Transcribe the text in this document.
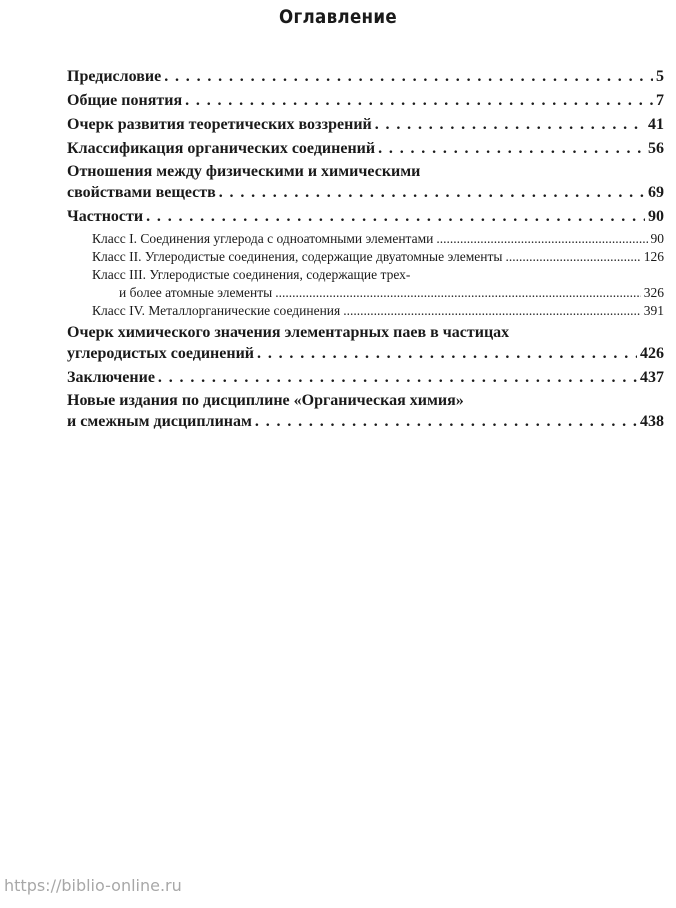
Оглавление
Предисловие . . .	5
Общие понятия . . .	7
Очерк развития теоретических воззрений . . .	41
Классификация органических соединений . . .	56
Отношения между физическими и химическими
свойствами веществ . . .	69
Частности . . .	90
Класс I. Соединения углерода с одноатомными элементами .....	90
Класс II. Углеродистые соединения, содержащие двуатомные элементы .....	126
Класс III. Углеродистые соединения, содержащие трех-
и более атомные элементы .....	326
Класс IV. Металлорганические соединения .....	391
Очерк химического значения элементарных паев в частицах
углеродистых соединений . . .	426
Заключение . . .	437
Новые издания по дисциплине «Органическая химия»
и смежным дисциплинам . . .	438
https://biblio-online.ru
